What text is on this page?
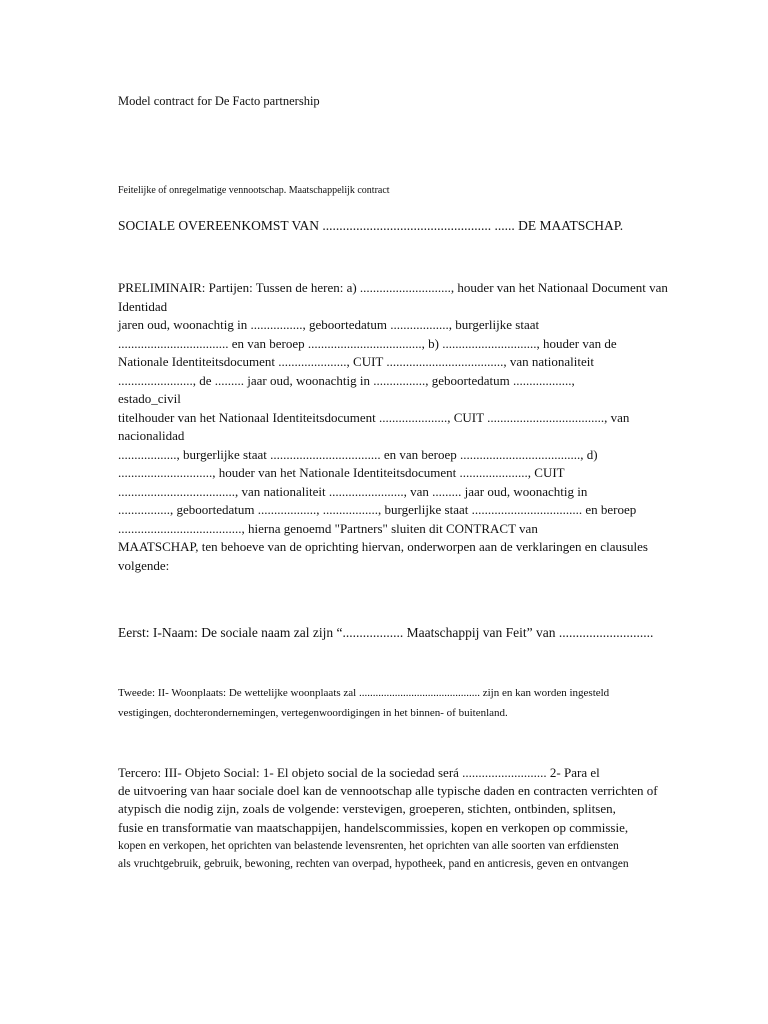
Model contract for De Facto partnership
Feitelijke of onregelmatige vennootschap. Maatschappelijk contract
SOCIALE OVEREENKOMST VAN .................................................. ...... DE MAATSCHAP.
PRELIMINAIR: Partijen: Tussen de heren: a) ............................, houder van het Nationaal Document van
Identidad
jaren oud, woonachtig in ................, geboortedatum .................., burgerlijke staat
.................................. en van beroep ..................................., b) ............................., houder van de
Nationale Identiteitsdocument ....................., CUIT ...................................., van nationaliteit
......................., de ......... jaar oud, woonachtig in ................, geboortedatum ..................,
estado_civil
titelhouder van het Nationaal Identiteitsdocument ....................., CUIT ...................................., van
nacionalidad
.................., burgerlijke staat .................................. en van beroep ....................................., d)
............................., houder van het Nationale Identiteitsdocument ....................., CUIT
...................................., van nationaliteit ......................., van ......... jaar oud, woonachtig in
................, geboortedatum .................., ................., burgerlijke staat .................................. en beroep
......................................, hierna genoemd "Partners" sluiten dit CONTRACT van
MAATSCHAP, ten behoeve van de oprichting hiervan, onderworpen aan de verklaringen en clausules
volgende:
Eerst: I-Naam: De sociale naam zal zijn “.................. Maatschappij van Feit” van ............................
Tweede: II- Woonplaats: De wettelijke woonplaats zal ............................................ zijn en kan worden ingesteld
vestigingen, dochterondernemingen, vertegenwoordigingen in het binnen- of buitenland.
Tercero: III- Objeto Social: 1- El objeto social de la sociedad será .......................... 2- Para el
de uitvoering van haar sociale doel kan de vennootschap alle typische daden en contracten verrichten of
atypisch die nodig zijn, zoals de volgende: verstevigen, groeperen, stichten, ontbinden, splitsen,
fusie en transformatie van maatschappijen, handelscommissies, kopen en verkopen op commissie,
kopen en verkopen, het oprichten van belastende levensrenten, het oprichten van alle soorten van erfdiensten
als vruchtgebruik, gebruik, bewoning, rechten van overpad, hypotheek, pand en anticresis, geven en ontvangen
